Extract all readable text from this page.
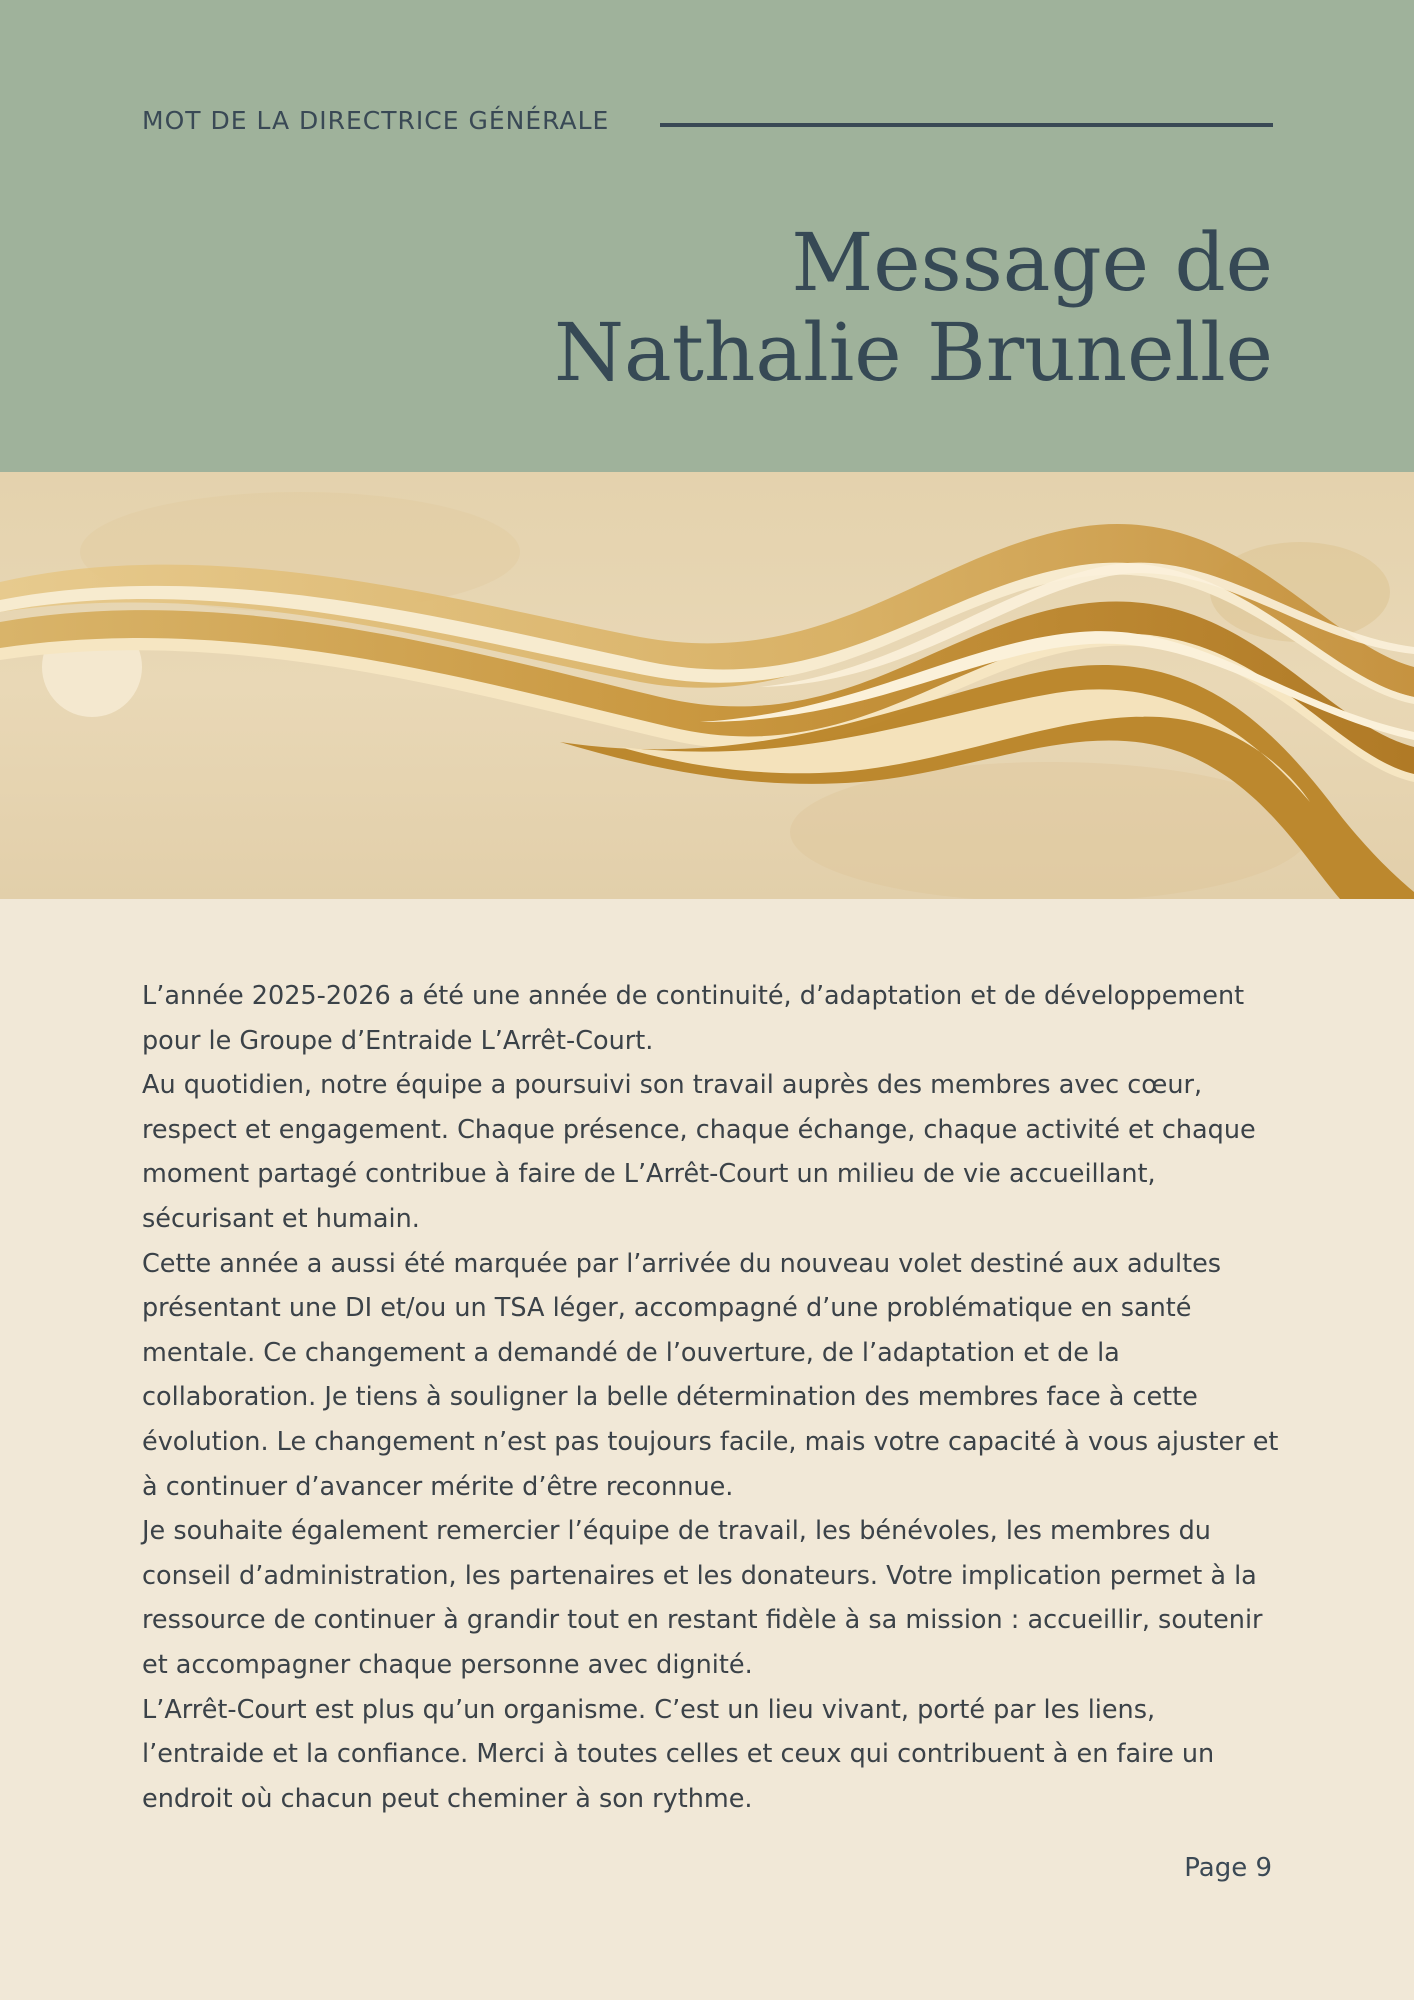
MOT DE LA DIRECTRICE GÉNÉRALE
Message de
Nathalie Brunelle

L’année 2025-2026 a été une année de continuité, d’adaptation et de développement pour le Groupe d’Entraide L’Arrêt-Court.

Au quotidien, notre équipe a poursuivi son travail auprès des membres avec cœur, respect et engagement. Chaque présence, chaque échange, chaque activité et chaque moment partagé contribue à faire de L’Arrêt-Court un milieu de vie accueillant, sécurisant et humain.

Cette année a aussi été marquée par l’arrivée du nouveau volet destiné aux adultes présentant une DI et/ou un TSA léger, accompagné d’une problématique en santé mentale. Ce changement a demandé de l’ouverture, de l’adaptation et de la collaboration. Je tiens à souligner la belle détermination des membres face à cette évolution. Le changement n’est pas toujours facile, mais votre capacité à vous ajuster et à continuer d’avancer mérite d’être reconnue.

Je souhaite également remercier l’équipe de travail, les bénévoles, les membres du conseil d’administration, les partenaires et les donateurs. Votre implication permet à la ressource de continuer à grandir tout en restant fidèle à sa mission : accueillir, soutenir et accompagner chaque personne avec dignité.

L’Arrêt-Court est plus qu’un organisme. C’est un lieu vivant, porté par les liens, l’entraide et la confiance. Merci à toutes celles et ceux qui contribuent à en faire un endroit où chacun peut cheminer à son rythme.

Page 9
